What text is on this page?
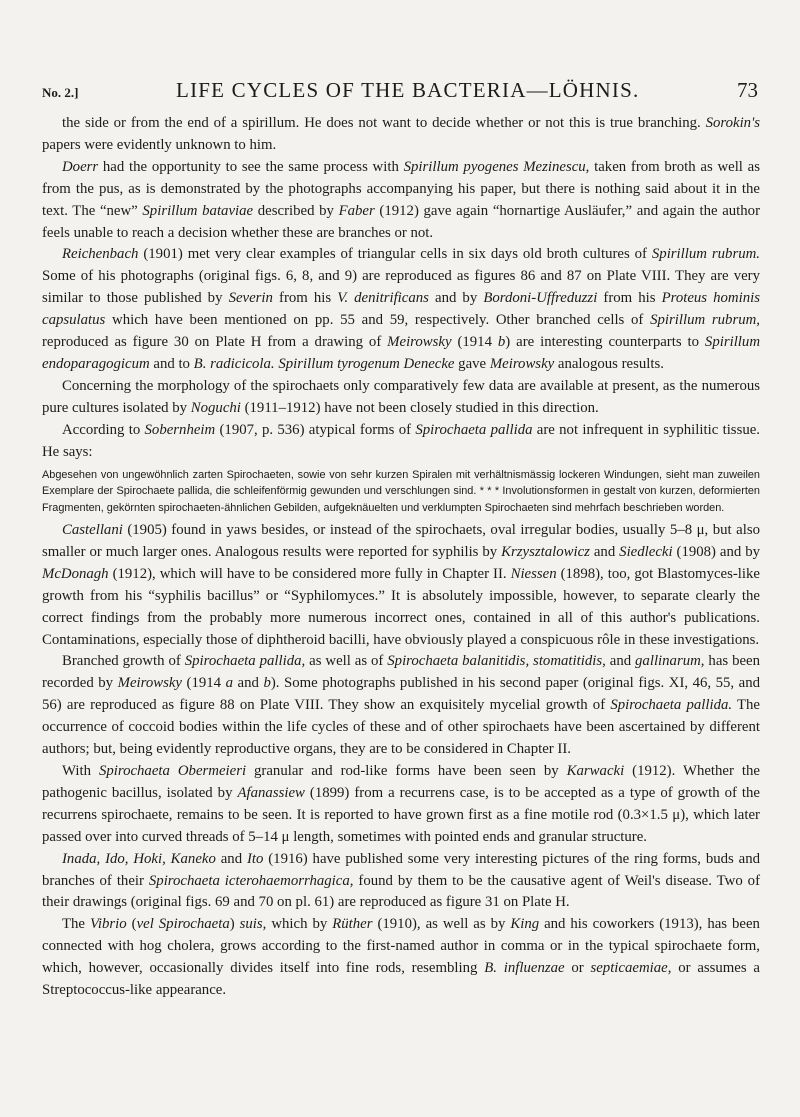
No. 2.]	LIFE CYCLES OF THE BACTERIA—LÖHNIS.	73

the side or from the end of a spirillum. He does not want to decide whether or not this is true branching. Sorokin's papers were evidently unknown to him.

Doerr had the opportunity to see the same process with Spirillum pyogenes Mezinescu, taken from broth as well as from the pus, as is demonstrated by the photographs accompanying his paper, but there is nothing said about it in the text. The “new” Spirillum bataviae described by Faber (1912) gave again “hornartige Ausläufer,” and again the author feels unable to reach a decision whether these are branches or not.

Reichenbach (1901) met very clear examples of triangular cells in six days old broth cultures of Spirillum rubrum. Some of his photographs (original figs. 6, 8, and 9) are reproduced as figures 86 and 87 on Plate VIII. They are very similar to those published by Severin from his V. denitrificans and by Bordoni-Uffreduzzi from his Proteus hominis capsulatus which have been mentioned on pp. 55 and 59, respectively. Other branched cells of Spirillum rubrum, reproduced as figure 30 on Plate H from a drawing of Meirowsky (1914 b) are interesting counterparts to Spirillum endoparagogicum and to B. radicicola. Spirillum tyrogenum Denecke gave Meirowsky analogous results.

Concerning the morphology of the spirochaets only comparatively few data are available at present, as the numerous pure cultures isolated by Noguchi (1911–1912) have not been closely studied in this direction.

According to Sobernheim (1907, p. 536) atypical forms of Spirochaeta pallida are not infrequent in syphilitic tissue. He says:

Abgesehen von ungewöhnlich zarten Spirochaeten, sowie von sehr kurzen Spiralen mit verhältnismässig lockeren Windungen, sieht man zuweilen Exemplare der Spirochaete pallida, die schleifenförmig gewunden und verschlungen sind. * * * Involutionsformen in gestalt von kurzen, deformierten Fragmenten, gekörnten spirochaeten-ähnlichen Gebilden, aufgeknäuelten und verklumpten Spirochaeten sind mehrfach beschrieben worden.

Castellani (1905) found in yaws besides, or instead of the spirochaets, oval irregular bodies, usually 5–8 μ, but also smaller or much larger ones. Analogous results were reported for syphilis by Krzysztalowicz and Siedlecki (1908) and by McDonagh (1912), which will have to be considered more fully in Chapter II. Niessen (1898), too, got Blastomyces-like growth from his “syphilis bacillus” or “Syphilomyces.” It is absolutely impossible, however, to separate clearly the correct findings from the probably more numerous incorrect ones, contained in all of this author's publications. Contaminations, especially those of diphtheroid bacilli, have obviously played a conspicuous rôle in these investigations.

Branched growth of Spirochaeta pallida, as well as of Spirochaeta balanitidis, stomatitidis, and gallinarum, has been recorded by Meirowsky (1914 a and b). Some photographs published in his second paper (original figs. XI, 46, 55, and 56) are reproduced as figure 88 on Plate VIII. They show an exquisitely mycelial growth of Spirochaeta pallida. The occurrence of coccoid bodies within the life cycles of these and of other spirochaets have been ascertained by different authors; but, being evidently reproductive organs, they are to be considered in Chapter II.

With Spirochaeta Obermeieri granular and rod-like forms have been seen by Karwacki (1912). Whether the pathogenic bacillus, isolated by Afanassiew (1899) from a recurrens case, is to be accepted as a type of growth of the recurrens spirochaete, remains to be seen. It is reported to have grown first as a fine motile rod (0.3×1.5 μ), which later passed over into curved threads of 5–14 μ length, sometimes with pointed ends and granular structure.

Inada, Ido, Hoki, Kaneko and Ito (1916) have published some very interesting pictures of the ring forms, buds and branches of their Spirochaeta icterohaemorrhagica, found by them to be the causative agent of Weil's disease. Two of their drawings (original figs. 69 and 70 on pl. 61) are reproduced as figure 31 on Plate H.

The Vibrio (vel Spirochaeta) suis, which by Rüther (1910), as well as by King and his coworkers (1913), has been connected with hog cholera, grows according to the first-named author in comma or in the typical spirochaete form, which, however, occasionally divides itself into fine rods, resembling B. influenzae or septicaemiae, or assumes a Streptococcus-like appearance.
